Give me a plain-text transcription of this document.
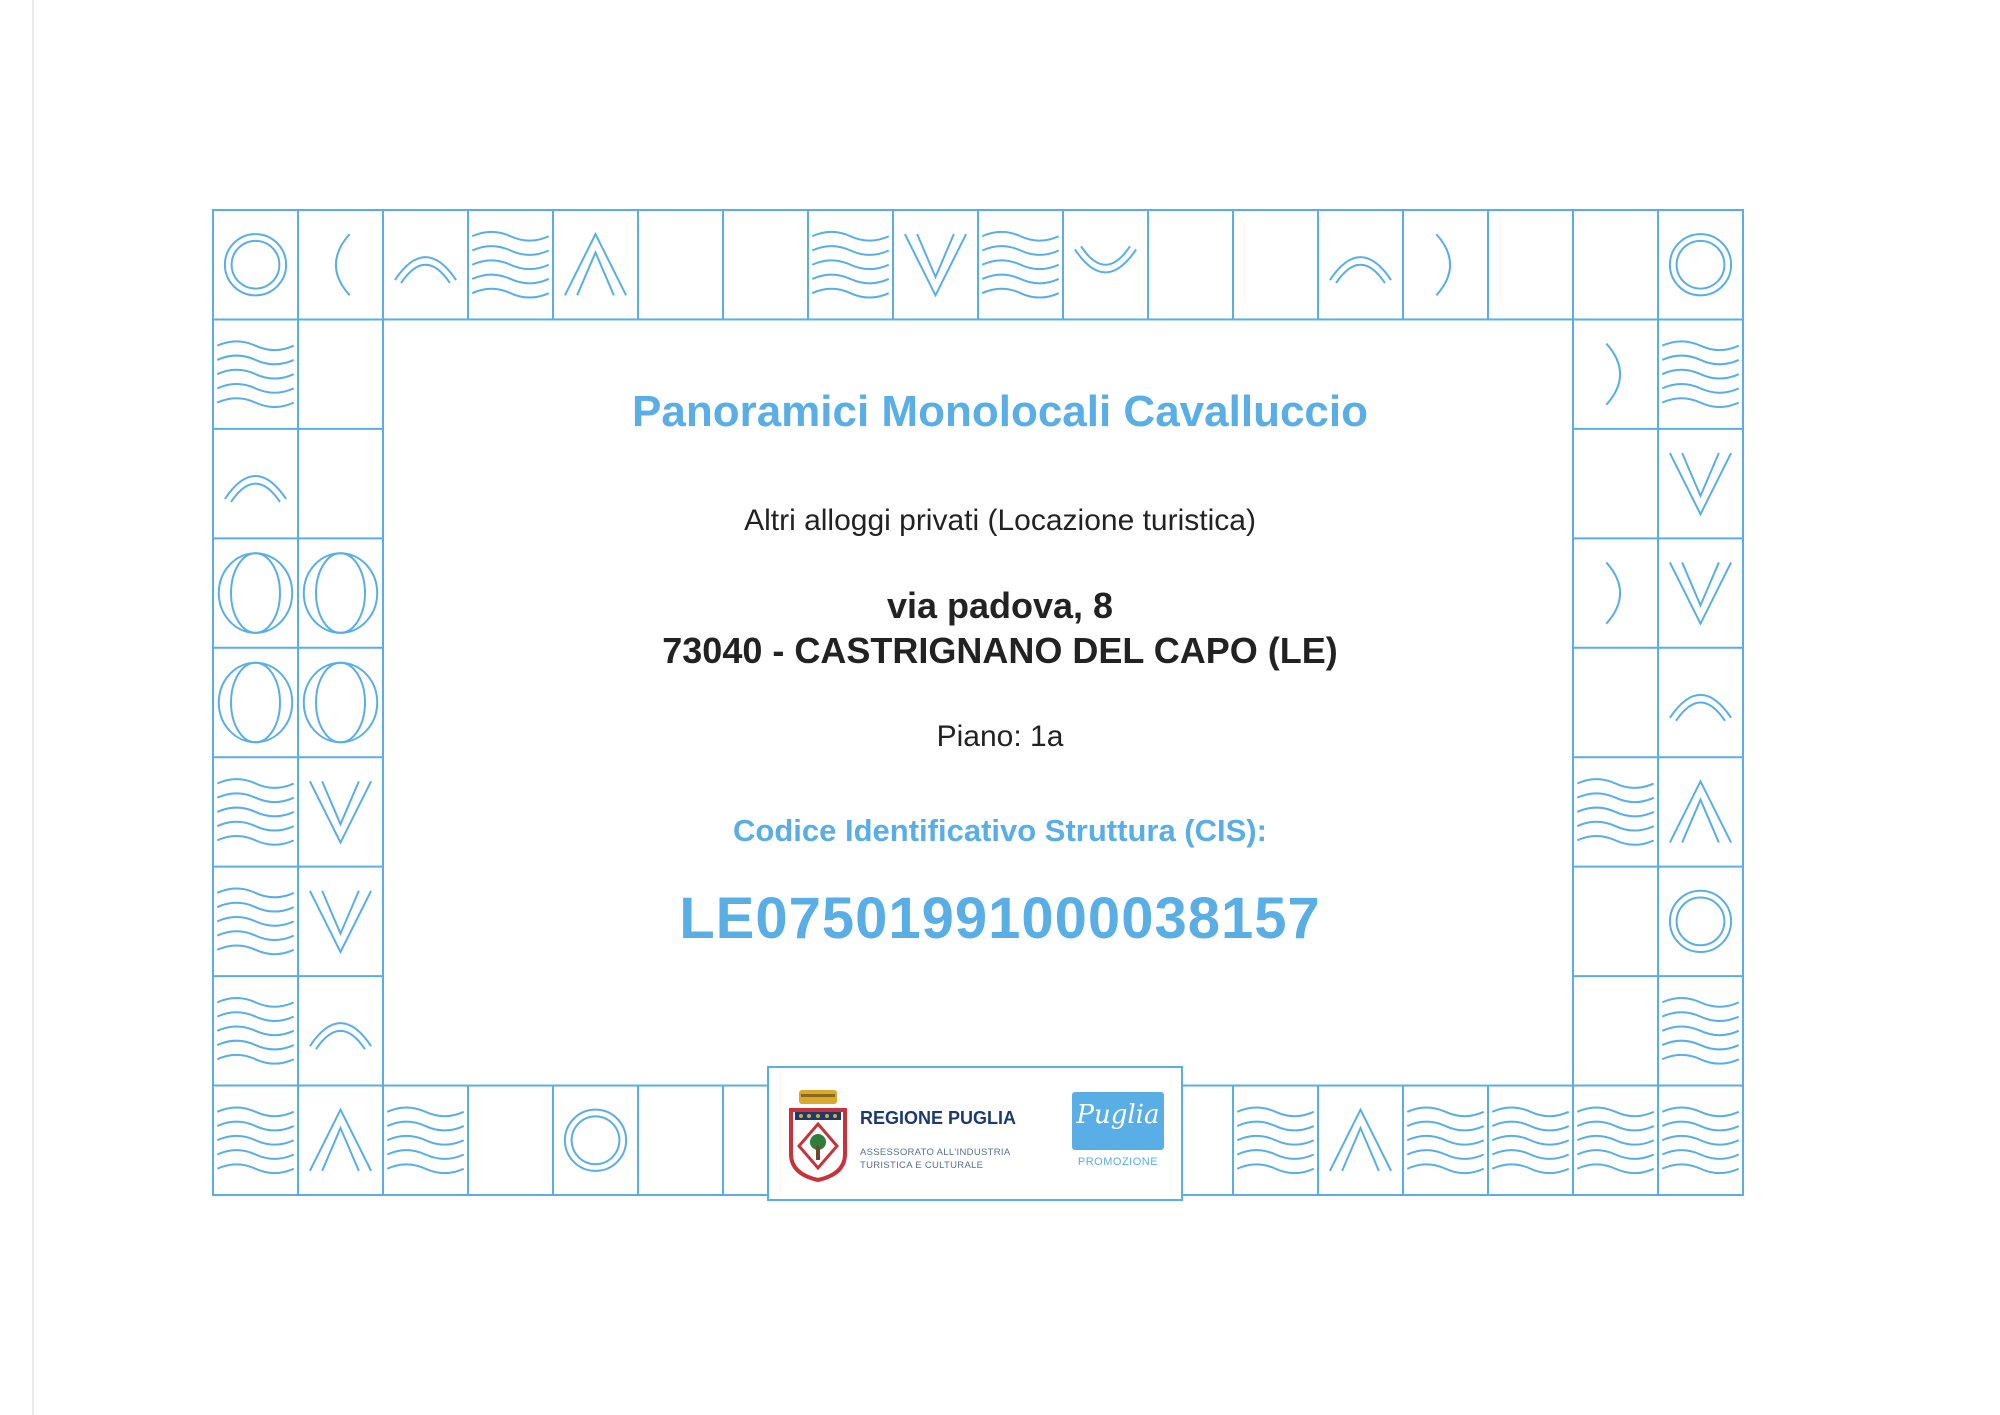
Panoramici Monolocali Cavalluccio

Altri alloggi privati (Locazione turistica)

via padova, 8
73040 - CASTRIGNANO DEL CAPO (LE)

Piano: 1a

Codice Identificativo Struttura (CIS):

LE07501991000038157

REGIONE PUGLIA

ASSESSORATO ALL'INDUSTRIA

TURISTICA E CULTURALE

Puglia

PROMOZIONE
